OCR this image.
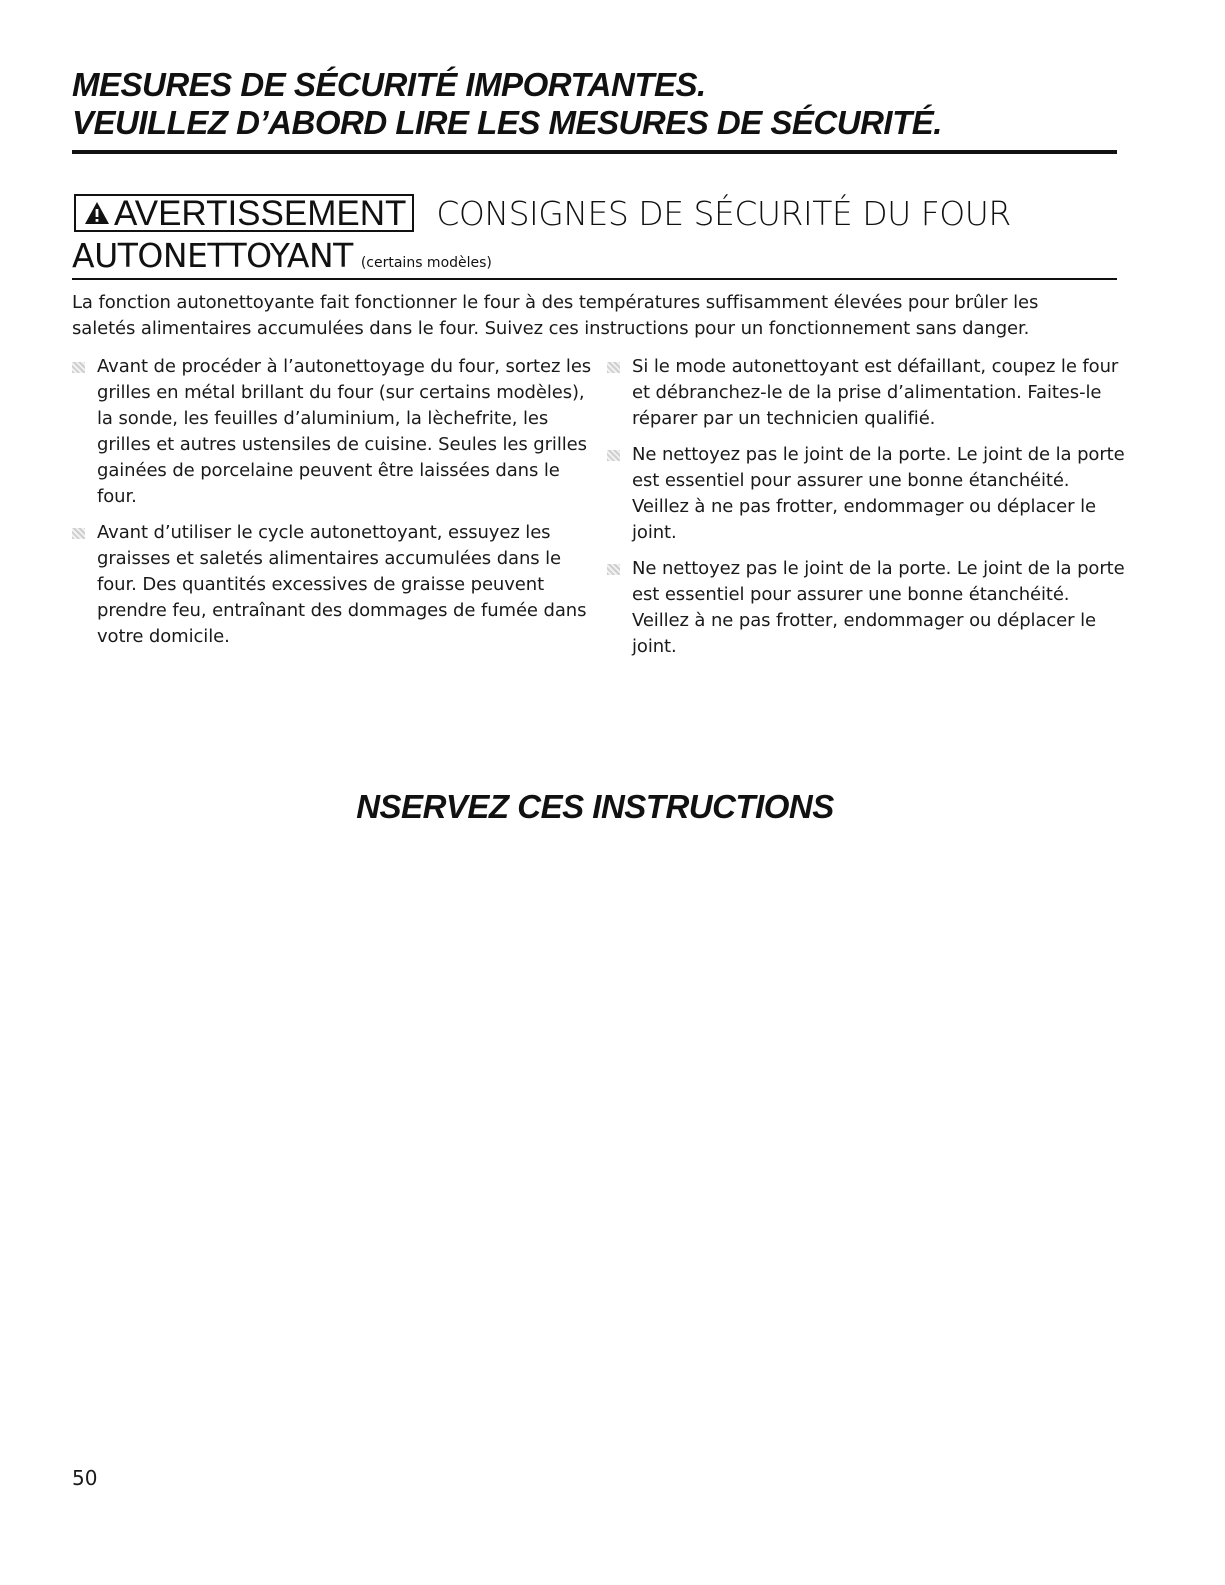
MESURES DE SÉCURITÉ IMPORTANTES.
VEUILLEZ D’ABORD LIRE LES MESURES DE SÉCURITÉ.
AVERTISSEMENT CONSIGNES DE SÉCURITÉ DU FOUR
AUTONETTOYANT (certains modèles)
La fonction autonettoyante fait fonctionner le four à des températures suffisamment élevées pour brûler les saletés alimentaires accumulées dans le four. Suivez ces instructions pour un fonctionnement sans danger.
Avant de procéder à l’autonettoyage du four, sortez les grilles en métal brillant du four (sur certains modèles), la sonde, les feuilles d’aluminium, la lèchefrite, les grilles et autres ustensiles de cuisine. Seules les grilles gainées de porcelaine peuvent être laissées dans le four.
Avant d’utiliser le cycle autonettoyant, essuyez les graisses et saletés alimentaires accumulées dans le four. Des quantités excessives de graisse peuvent prendre feu, entraînant des dommages de fumée dans votre domicile.
Si le mode autonettoyant est défaillant, coupez le four et débranchez-le de la prise d’alimentation. Faites-le réparer par un technicien qualifié.
Ne nettoyez pas le joint de la porte. Le joint de la porte est essentiel pour assurer une bonne étanchéité. Veillez à ne pas frotter, endommager ou déplacer le joint.
Ne nettoyez pas le joint de la porte. Le joint de la porte est essentiel pour assurer une bonne étanchéité. Veillez à ne pas frotter, endommager ou déplacer le joint.
NSERVEZ CES INSTRUCTIONS
50
